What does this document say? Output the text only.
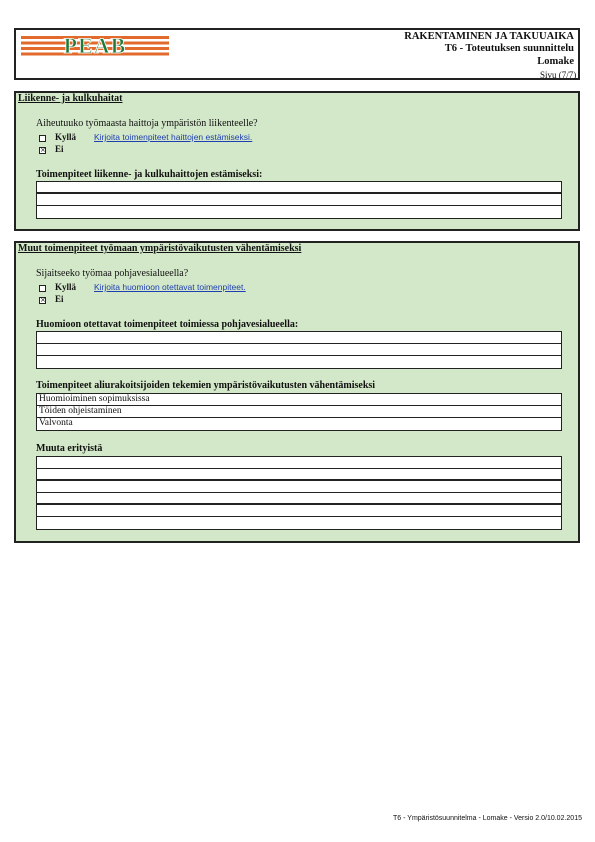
PEAB	RAKENTAMINEN JA TAKUUAIKA
T6 - Toteutuksen suunnittelu
Lomake
Sivu (7/7)
Liikenne- ja kulkuhaitat
Aiheutuuko työmaasta haittoja ympäristön liikenteelle?
Kyllä Kirjoita toimenpiteet haittojen estämiseksi.
× Ei
Toimenpiteet liikenne- ja kulkuhaittojen estämiseksi:
Muut toimenpiteet työmaan ympäristövaikutusten vähentämiseksi
Sijaitseeko työmaa pohjavesialueella?
Kyllä Kirjoita huomioon otettavat toimenpiteet.
× Ei
Huomioon otettavat toimenpiteet toimiessa pohjavesialueella:
Toimenpiteet aliurakoitsijoiden tekemien ympäristövaikutusten vähentämiseksi
Huomioiminen sopimuksissa
Töiden ohjeistaminen
Valvonta
Muuta erityistä
T6 - Ympäristösuunnitelma - Lomake - Versio 2.0/10.02.2015
